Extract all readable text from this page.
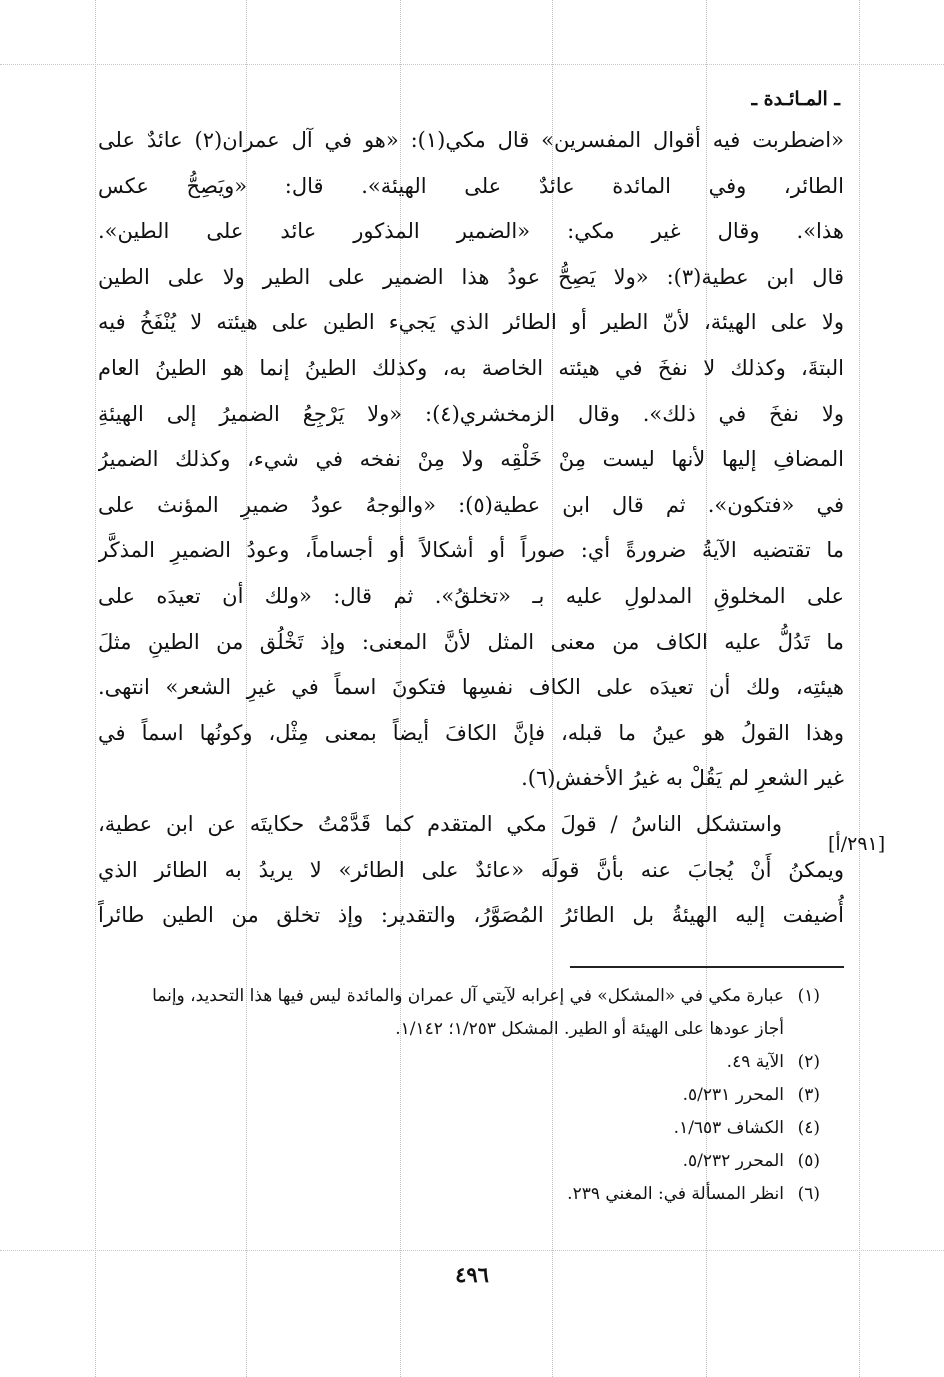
ـ المـائـدة ـ
«اضطربت فيه أقوال المفسرين» قال مكي(١): «هو في آل عمران(٢) عائدٌ على
الطائر، وفي المائدة عائدٌ على الهيئة». قال: «ويَصِحُّ عكس
هذا». وقال غير مكي: «الضمير المذكور عائد على الطين».
قال ابن عطية(٣): «ولا يَصِحُّ عودُ هذا الضمير على الطير ولا على الطين
ولا على الهيئة، لأنّ الطير أو الطائر الذي يَجيء الطين على هيئته لا يُنْفَخُ فيه
البتةَ، وكذلك لا نفخَ في هيئته الخاصة به، وكذلك الطينُ إنما هو الطينُ العام
ولا نفخَ في ذلك». وقال الزمخشري(٤): «ولا يَرْجِعُ الضميرُ إلى الهيئةِ
المضافِ إليها لأنها ليست مِنْ خَلْقِه ولا مِنْ نفخه في شيء، وكذلك الضميرُ
في «فتكون». ثم قال ابن عطية(٥): «والوجهُ عودُ ضميرِ المؤنث على
ما تقتضيه الآيةُ ضرورةً أي: صوراً أو أشكالاً أو أجساماً، وعودُ الضميرِ المذكَّر
على المخلوقِ المدلولِ عليه بـ «تخلقُ». ثم قال: «ولك أن تعيدَه على
ما تَدُلُّ عليه الكاف من معنى المثل لأنَّ المعنى: وإذ تَخْلُق من الطينِ مثلَ
هيئتِه، ولك أن تعيدَه على الكاف نفسِها فتكونَ اسماً في غيرِ الشعر» انتهى.
وهذا القولُ هو عينُ ما قبله، فإنَّ الكافَ أيضاً بمعنى مِثْل، وكونُها اسماً في
غير الشعرِ لم يَقُلْ به غيرُ الأخفش(٦).
واستشكل الناسُ / قولَ مكي المتقدم كما قَدَّمْتُ حكايتَه عن ابن عطية،
ويمكنُ أَنْ يُجابَ عنه بأنَّ قولَه «عائدٌ على الطائر» لا يريدُ به الطائر الذي
أُضيفت إليه الهيئةُ بل الطائرُ المُصَوَّرُ، والتقدير: وإذ تخلق من الطين طائراً
[٢٩١/أ]
(١)عبارة مكي في «المشكل» في إعرابه لآيتي آل عمران والمائدة ليس فيها هذا التحديد، وإنما
أجاز عودها على الهيئة أو الطير. المشكل ١/٢٥٣؛ ١/١٤٢.
(٢)الآية ٤٩.
(٣)المحرر ٥/٢٣١.
(٤)الكشاف ١/٦٥٣.
(٥)المحرر ٥/٢٣٢.
(٦)انظر المسألة في: المغني ٢٣٩.
٤٩٦
